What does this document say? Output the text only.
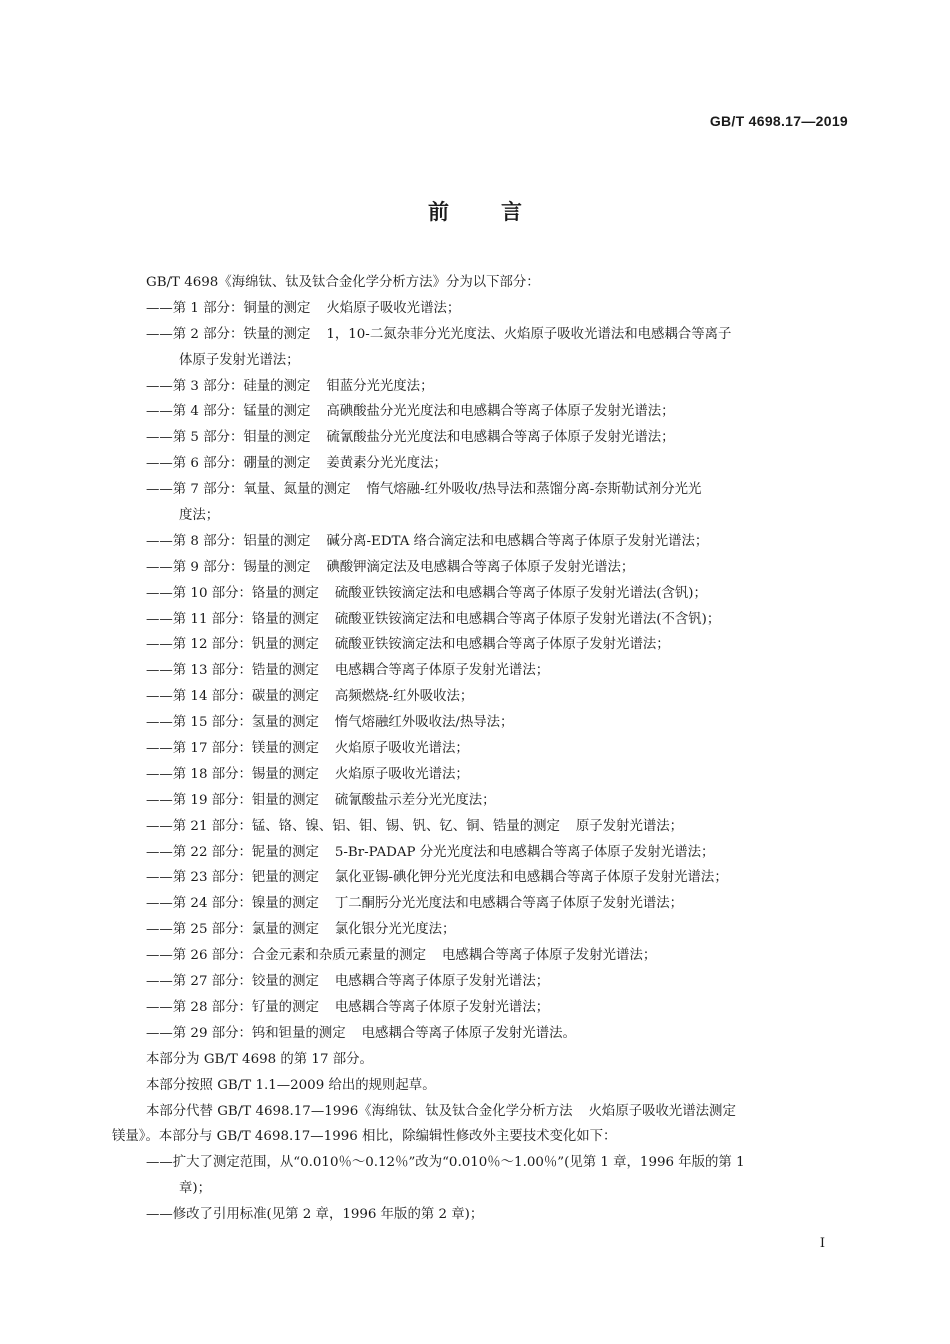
GB/T 4698.17—2019
前言
GB/T 4698《海绵钛、钛及钛合金化学分析方法》分为以下部分：
——第 1 部分：铜量的测定 火焰原子吸收光谱法；
——第 2 部分：铁量的测定 1，10-二氮杂菲分光光度法、火焰原子吸收光谱法和电感耦合等离子
体原子发射光谱法；
——第 3 部分：硅量的测定 钼蓝分光光度法；
——第 4 部分：锰量的测定 高碘酸盐分光光度法和电感耦合等离子体原子发射光谱法；
——第 5 部分：钼量的测定 硫氰酸盐分光光度法和电感耦合等离子体原子发射光谱法；
——第 6 部分：硼量的测定 姜黄素分光光度法；
——第 7 部分：氧量、氮量的测定 惰气熔融-红外吸收/热导法和蒸馏分离-奈斯勒试剂分光光
度法；
——第 8 部分：铝量的测定 碱分离-EDTA 络合滴定法和电感耦合等离子体原子发射光谱法；
——第 9 部分：锡量的测定 碘酸钾滴定法及电感耦合等离子体原子发射光谱法；
——第 10 部分：铬量的测定 硫酸亚铁铵滴定法和电感耦合等离子体原子发射光谱法(含钒)；
——第 11 部分：铬量的测定 硫酸亚铁铵滴定法和电感耦合等离子体原子发射光谱法(不含钒)；
——第 12 部分：钒量的测定 硫酸亚铁铵滴定法和电感耦合等离子体原子发射光谱法；
——第 13 部分：锆量的测定 电感耦合等离子体原子发射光谱法；
——第 14 部分：碳量的测定 高频燃烧-红外吸收法；
——第 15 部分：氢量的测定 惰气熔融红外吸收法/热导法；
——第 17 部分：镁量的测定 火焰原子吸收光谱法；
——第 18 部分：锡量的测定 火焰原子吸收光谱法；
——第 19 部分：钼量的测定 硫氰酸盐示差分光光度法；
——第 21 部分：锰、铬、镍、铝、钼、锡、钒、钇、铜、锆量的测定 原子发射光谱法；
——第 22 部分：铌量的测定 5-Br-PADAP 分光光度法和电感耦合等离子体原子发射光谱法；
——第 23 部分：钯量的测定 氯化亚锡-碘化钾分光光度法和电感耦合等离子体原子发射光谱法；
——第 24 部分：镍量的测定 丁二酮肟分光光度法和电感耦合等离子体原子发射光谱法；
——第 25 部分：氯量的测定 氯化银分光光度法；
——第 26 部分：合金元素和杂质元素量的测定 电感耦合等离子体原子发射光谱法；
——第 27 部分：铰量的测定 电感耦合等离子体原子发射光谱法；
——第 28 部分：钌量的测定 电感耦合等离子体原子发射光谱法；
——第 29 部分：钨和钽量的测定 电感耦合等离子体原子发射光谱法。
本部分为 GB/T 4698 的第 17 部分。
本部分按照 GB/T 1.1—2009 给出的规则起草。
本部分代替 GB/T 4698.17—1996《海绵钛、钛及钛合金化学分析方法 火焰原子吸收光谱法测定
镁量》。本部分与 GB/T 4698.17—1996 相比，除编辑性修改外主要技术变化如下：
——扩大了测定范围，从“0.010％～0.12％”改为“0.010％～1.00％”(见第 1 章，1996 年版的第 1
章)；
——修改了引用标准(见第 2 章，1996 年版的第 2 章)；
I
